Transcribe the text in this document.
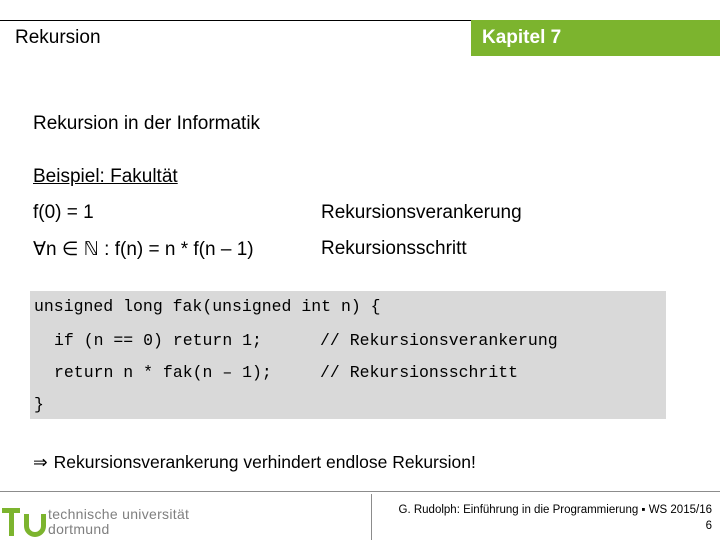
Rekursion	Kapitel 7
Rekursion in der Informatik
Beispiel: Fakultät
f(0) = 1	Rekursionsverankerung
∀n ∈ ℕ : f(n) = n * f(n – 1)	Rekursionsschritt
unsigned long fak(unsigned int n) {
if (n == 0) return 1;	// Rekursionsverankerung
return n * fak(n – 1);	// Rekursionsschritt
}
⇒ Rekursionsverankerung verhindert endlose Rekursion!
technische universität
dortmund
G. Rudolph: Einführung in die Programmierung ▪ WS 2015/16
6
